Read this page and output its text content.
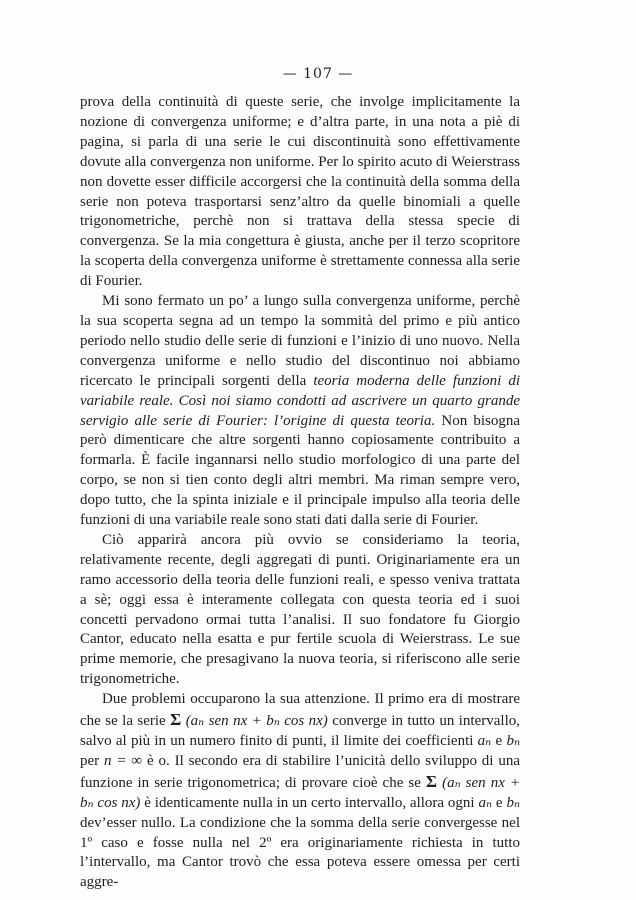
— 107 —

prova della continuità di queste serie, che involge implicitamente la nozione di convergenza uniforme; e d’altra parte, in una nota a piè di pagina, si parla di una serie le cui discontinuità sono effettivamente dovute alla convergenza non uniforme. Per lo spirito acuto di Weierstrass non dovette esser difficile accorgersi che la continuità della somma della serie non poteva trasportarsi senz’altro da quelle binomiali a quelle trigonometriche, perchè non si trattava della stessa specie di convergenza. Se la mia congettura è giusta, anche per il terzo scopritore la scoperta della convergenza uniforme è strettamente connessa alla serie di Fourier.

Mi sono fermato un po’ a lungo sulla convergenza uniforme, perchè la sua scoperta segna ad un tempo la sommità del primo e più antico periodo nello studio delle serie di funzioni e l’inizio di uno nuovo. Nella convergenza uniforme e nello studio del discontinuo noi abbiamo ricercato le principali sorgenti della teoria moderna delle funzioni di variabile reale. Così noi siamo condotti ad ascrivere un quarto grande servigio alle serie di Fourier: l’origine di questa teoria. Non bisogna però dimenticare che altre sorgenti hanno copiosamente contribuito a formarla. È facile ingannarsi nello studio morfologico di una parte del corpo, se non si tien conto degli altri membri. Ma riman sempre vero, dopo tutto, che la spinta iniziale e il principale impulso alla teoria delle funzioni di una variabile reale sono stati dati dalla serie di Fourier.

Ciò apparirà ancora più ovvio se consideriamo la teoria, relativamente recente, degli aggregati di punti. Originariamente era un ramo accessorio della teoria delle funzioni reali, e spesso veniva trattata a sè; oggi essa è interamente collegata con questa teoria ed i suoi concetti pervadono ormai tutta l’analisi. Il suo fondatore fu Giorgio Cantor, educato nella esatta e pur fertile scuola di Weierstrass. Le sue prime memorie, che presagivano la nuova teoria, si riferiscono alle serie trigonometriche.

Due problemi occuparono la sua attenzione. Il primo era di mostrare che se la serie Σ (aₙ sen nx + bₙ cos nx) converge in tutto un intervallo, salvo al più in un numero finito di punti, il limite dei coefficienti aₙ e bₙ per n = ∞ è o. Il secondo era di stabilire l’unicità dello sviluppo di una funzione in serie trigonometrica; di provare cioè che se Σ (aₙ sen nx + bₙ cos nx) è identicamente nulla in un certo intervallo, allora ogni aₙ e bₙ dev’esser nullo. La condizione che la somma della serie convergesse nel 1º caso e fosse nulla nel 2º era originariamente richiesta in tutto l’intervallo, ma Cantor trovò che essa poteva essere omessa per certi aggre-
